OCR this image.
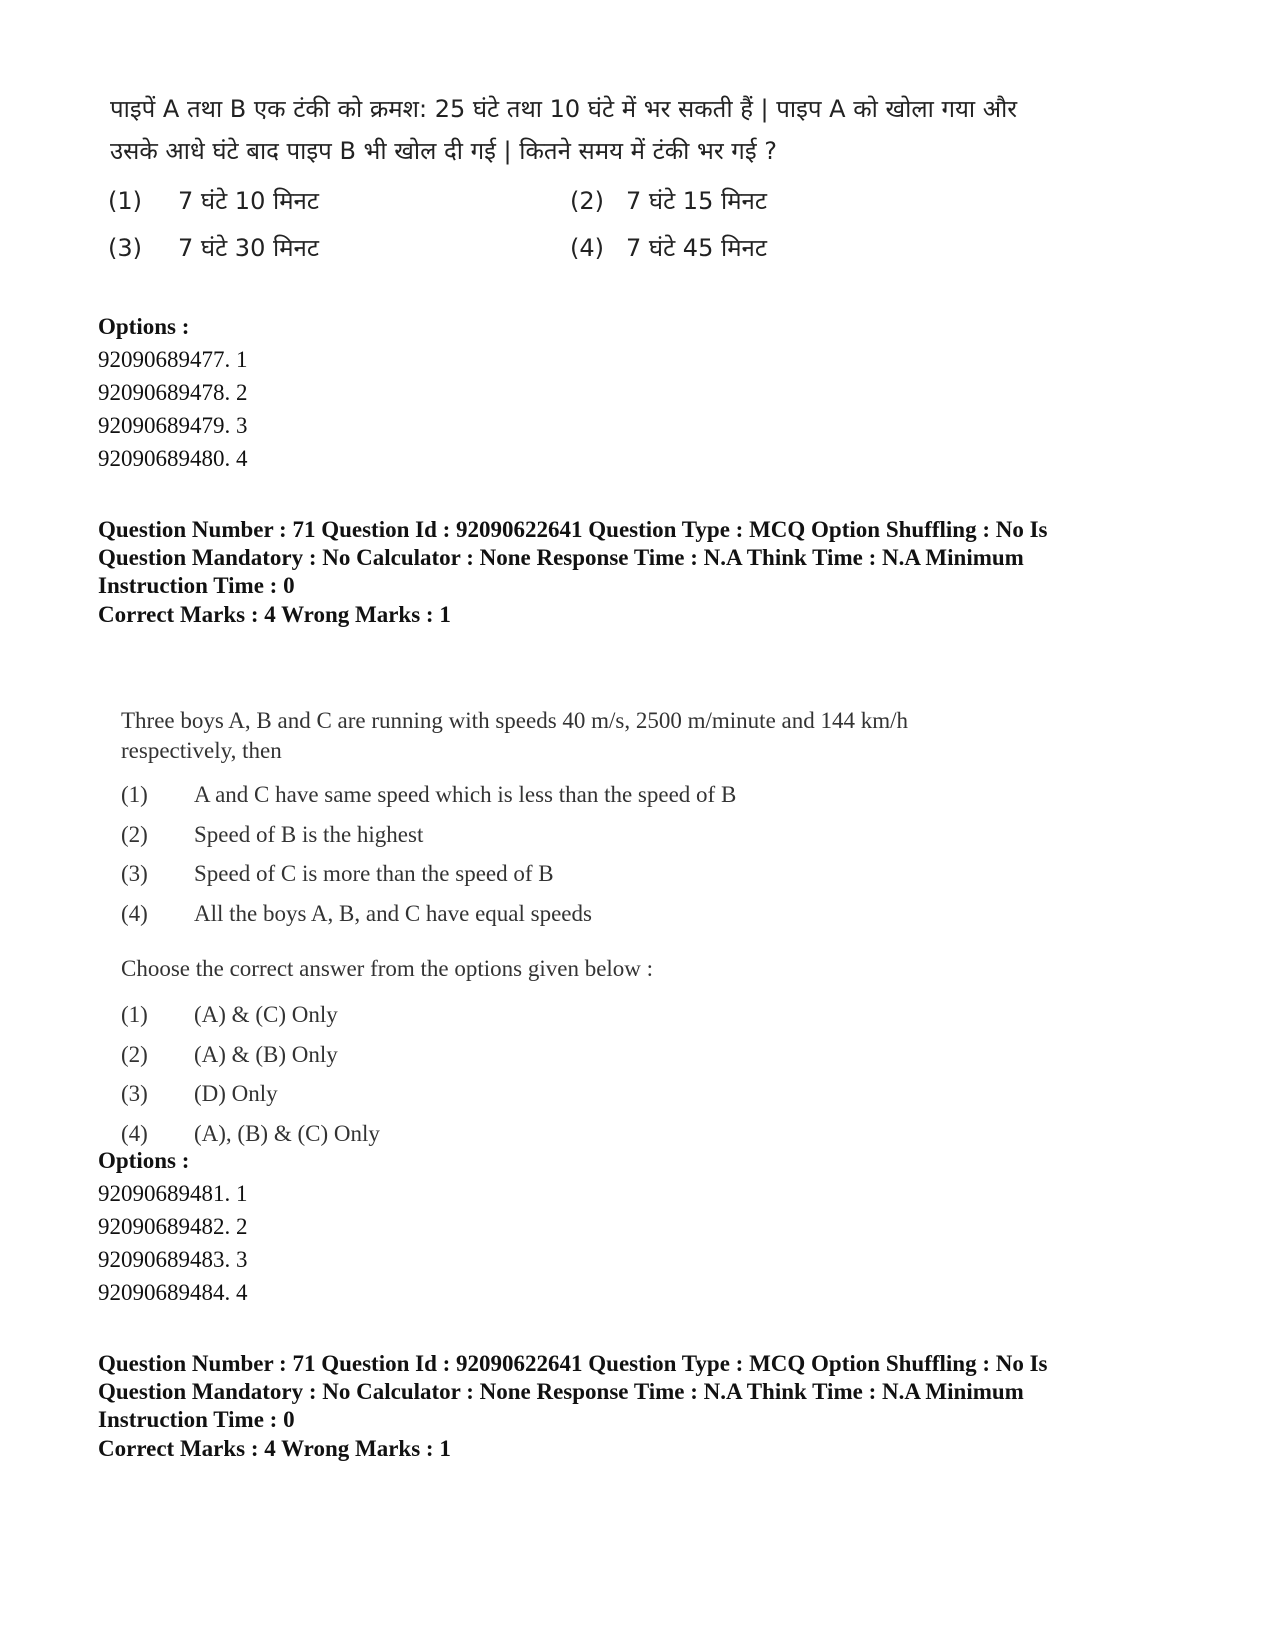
पाइपें A तथा B एक टंकी को क्रमश: 25 घंटे तथा 10 घंटे में भर सकती हैं | पाइप A को खोला गया और
उसके आधे घंटे बाद पाइप B भी खोल दी गई | कितने समय में टंकी भर गई ?

(1) 7 घंटे 10 मिनट	(2) 7 घंटे 15 मिनट
(3) 7 घंटे 30 मिनट	(4) 7 घंटे 45 मिनट
Options :
92090689477. 1
92090689478. 2
92090689479. 3
92090689480. 4
Question Number : 71 Question Id : 92090622641 Question Type : MCQ Option Shuffling : No Is
Question Mandatory : No Calculator : None Response Time : N.A Think Time : N.A Minimum
Instruction Time : 0
Correct Marks : 4 Wrong Marks : 1

Three boys A, B and C are running with speeds 40 m/s, 2500 m/minute and 144 km/h
respectively, then

(1) A and C have same speed which is less than the speed of B
(2) Speed of B is the highest
(3) Speed of C is more than the speed of B
(4) All the boys A, B, and C have equal speeds

Choose the correct answer from the options given below :

(1) (A) & (C) Only
(2) (A) & (B) Only
(3) (D) Only
(4) (A), (B) & (C) Only
Options :
92090689481. 1
92090689482. 2
92090689483. 3
92090689484. 4
Question Number : 71 Question Id : 92090622641 Question Type : MCQ Option Shuffling : No Is
Question Mandatory : No Calculator : None Response Time : N.A Think Time : N.A Minimum
Instruction Time : 0
Correct Marks : 4 Wrong Marks : 1
